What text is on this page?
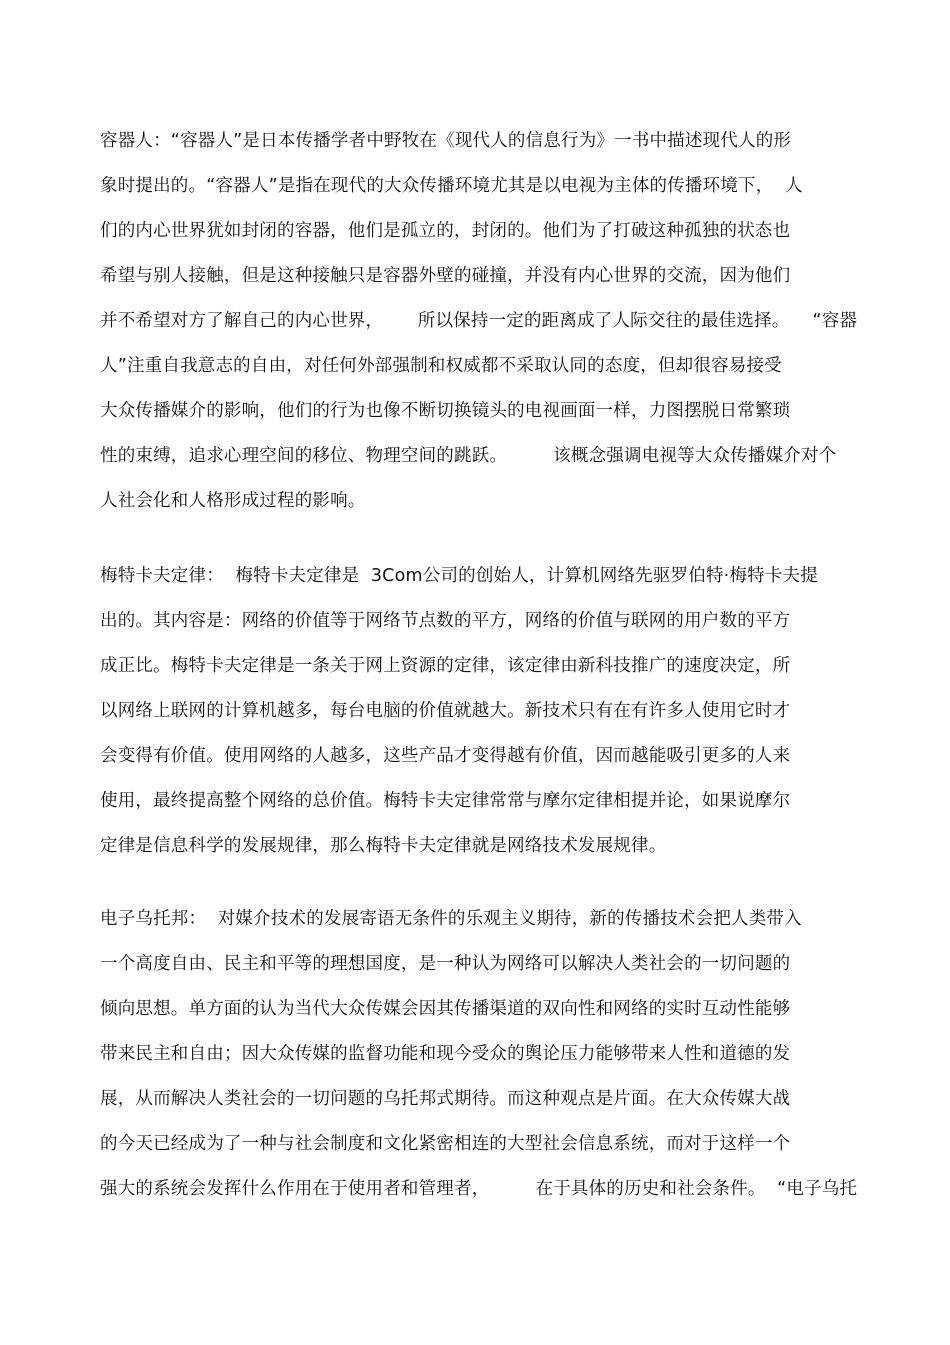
容器人：“容器人”是日本传播学者中野牧在《现代人的信息行为》一书中描述现代人的形
象时提出的。“容器人”是指在现代的大众传播环境尤其是以电视为主体的传播环境下，  人
们的内心世界犹如封闭的容器，他们是孤立的，封闭的。他们为了打破这种孤独的状态也
希望与别人接触，但是这种接触只是容器外壁的碰撞，并没有内心世界的交流，因为他们
并不希望对方了解自己的内心世界，      所以保持一定的距离成了人际交往的最佳选择。    “容器
人”注重自我意志的自由，对任何外部强制和权威都不采取认同的态度，但却很容易接受
大众传播媒介的影响，他们的行为也像不断切换镜头的电视画面一样，力图摆脱日常繁琐
性的束缚，追求心理空间的移位、物理空间的跳跃。        该概念强调电视等大众传播媒介对个
人社会化和人格形成过程的影响。
梅特卡夫定律：  梅特卡夫定律是  3Com公司的创始人，计算机网络先驱罗伯特·梅特卡夫提
出的。其内容是：网络的价值等于网络节点数的平方，网络的价值与联网的用户数的平方
成正比。梅特卡夫定律是一条关于网上资源的定律，该定律由新科技推广的速度决定，所
以网络上联网的计算机越多，每台电脑的价值就越大。新技术只有在有许多人使用它时才
会变得有价值。使用网络的人越多，这些产品才变得越有价值，因而越能吸引更多的人来
使用，最终提高整个网络的总价值。梅特卡夫定律常常与摩尔定律相提并论，如果说摩尔
定律是信息科学的发展规律，那么梅特卡夫定律就是网络技术发展规律。
电子乌托邦：  对媒介技术的发展寄语无条件的乐观主义期待，新的传播技术会把人类带入
一个高度自由、民主和平等的理想国度，是一种认为网络可以解决人类社会的一切问题的
倾向思想。单方面的认为当代大众传媒会因其传播渠道的双向性和网络的实时互动性能够
带来民主和自由；因大众传媒的监督功能和现今受众的舆论压力能够带来人性和道德的发
展，从而解决人类社会的一切问题的乌托邦式期待。而这种观点是片面。在大众传媒大战
的今天已经成为了一种与社会制度和文化紧密相连的大型社会信息系统，而对于这样一个
强大的系统会发挥什么作用在于使用者和管理者，        在于具体的历史和社会条件。  “电子乌托
